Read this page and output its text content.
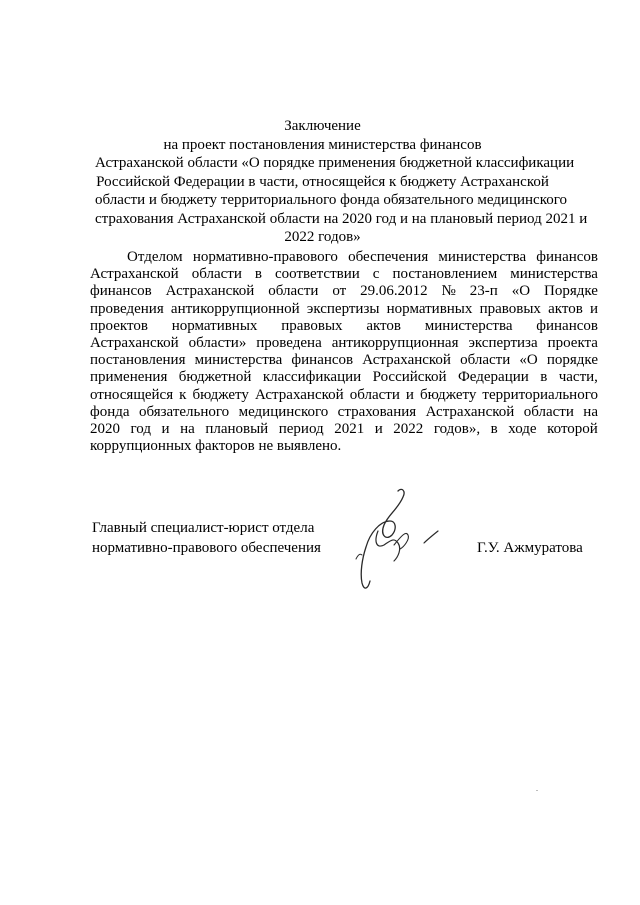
Заключение
на проект постановления министерства финансов
Астраханской области «О порядке применения бюджетной классификации
Российской Федерации в части, относящейся к бюджету Астраханской
области и бюджету территориального фонда обязательного медицинского
страхования Астраханской области на 2020 год и на плановый период 2021 и
2022 годов»
Отделом нормативно-правового обеспечения министерства финансов
Астраханской области в соответствии с постановлением министерства
финансов Астраханской области от 29.06.2012 № 23-п «О Порядке
проведения антикоррупционной экспертизы нормативных правовых актов и
проектов нормативных правовых актов министерства финансов
Астраханской области» проведена антикоррупционная экспертиза проекта
постановления министерства финансов Астраханской области «О порядке
применения бюджетной классификации Российской Федерации в части,
относящейся к бюджету Астраханской области и бюджету территориального
фонда обязательного медицинского страхования Астраханской области на
2020 год и на плановый период 2021 и 2022 годов», в ходе которой
коррупционных факторов не выявлено.
Главный специалист-юрист отдела
нормативно-правового обеспечения	Г.У. Ажмуратова
